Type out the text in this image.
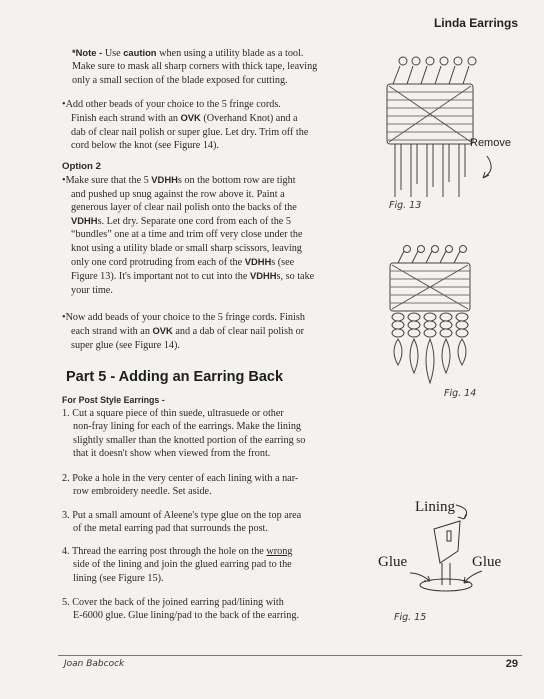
Linda Earrings

*Note - Use caution when using a utility blade as a tool.

Make sure to mask all sharp corners with thick tape, leaving

only a small section of the blade exposed for cutting.

•Add other beads of your choice to the 5 fringe cords.

Finish each strand with an OVK (Overhand Knot) and a

dab of clear nail polish or super glue. Let dry. Trim off the

cord below the knot (see Figure 14).

Option 2

•Make sure that the 5 VDHHs on the bottom row are tight

and pushed up snug against the row above it. Paint a

generous layer of clear nail polish onto the backs of the

VDHHs. Let dry. Separate one cord from each of the 5

“bundles” one at a time and trim off very close under the

knot using a utility blade or small sharp scissors, leaving

only one cord protruding from each of the VDHHs (see

Figure 13). It's important not to cut into the VDHHs, so take

your time.

•Now add beads of your choice to the 5 fringe cords. Finish

each strand with an OVK and a dab of clear nail polish or

super glue (see Figure 14).

Part 5 - Adding an Earring Back

For Post Style Earrings -

1. Cut a square piece of thin suede, ultrasuede or other

non-fray lining for each of the earrings. Make the lining

slightly smaller than the knotted portion of the earring so

that it doesn't show when viewed from the front.

2. Poke a hole in the very center of each lining with a nar-

row embroidery needle. Set aside.

3. Put a small amount of Aleene's type glue on the top area

of the metal earring pad that surrounds the post.

4. Thread the earring post through the hole on the wrong

side of the lining and join the glued earring pad to the

lining (see Figure 15).

5. Cover the back of the joined earring pad/lining with

E-6000 glue. Glue lining/pad to the back of the earring.

Remove
Fig. 13
Fig. 14
Lining
Glue	Glue
Fig. 15
Joan Babcock	29
